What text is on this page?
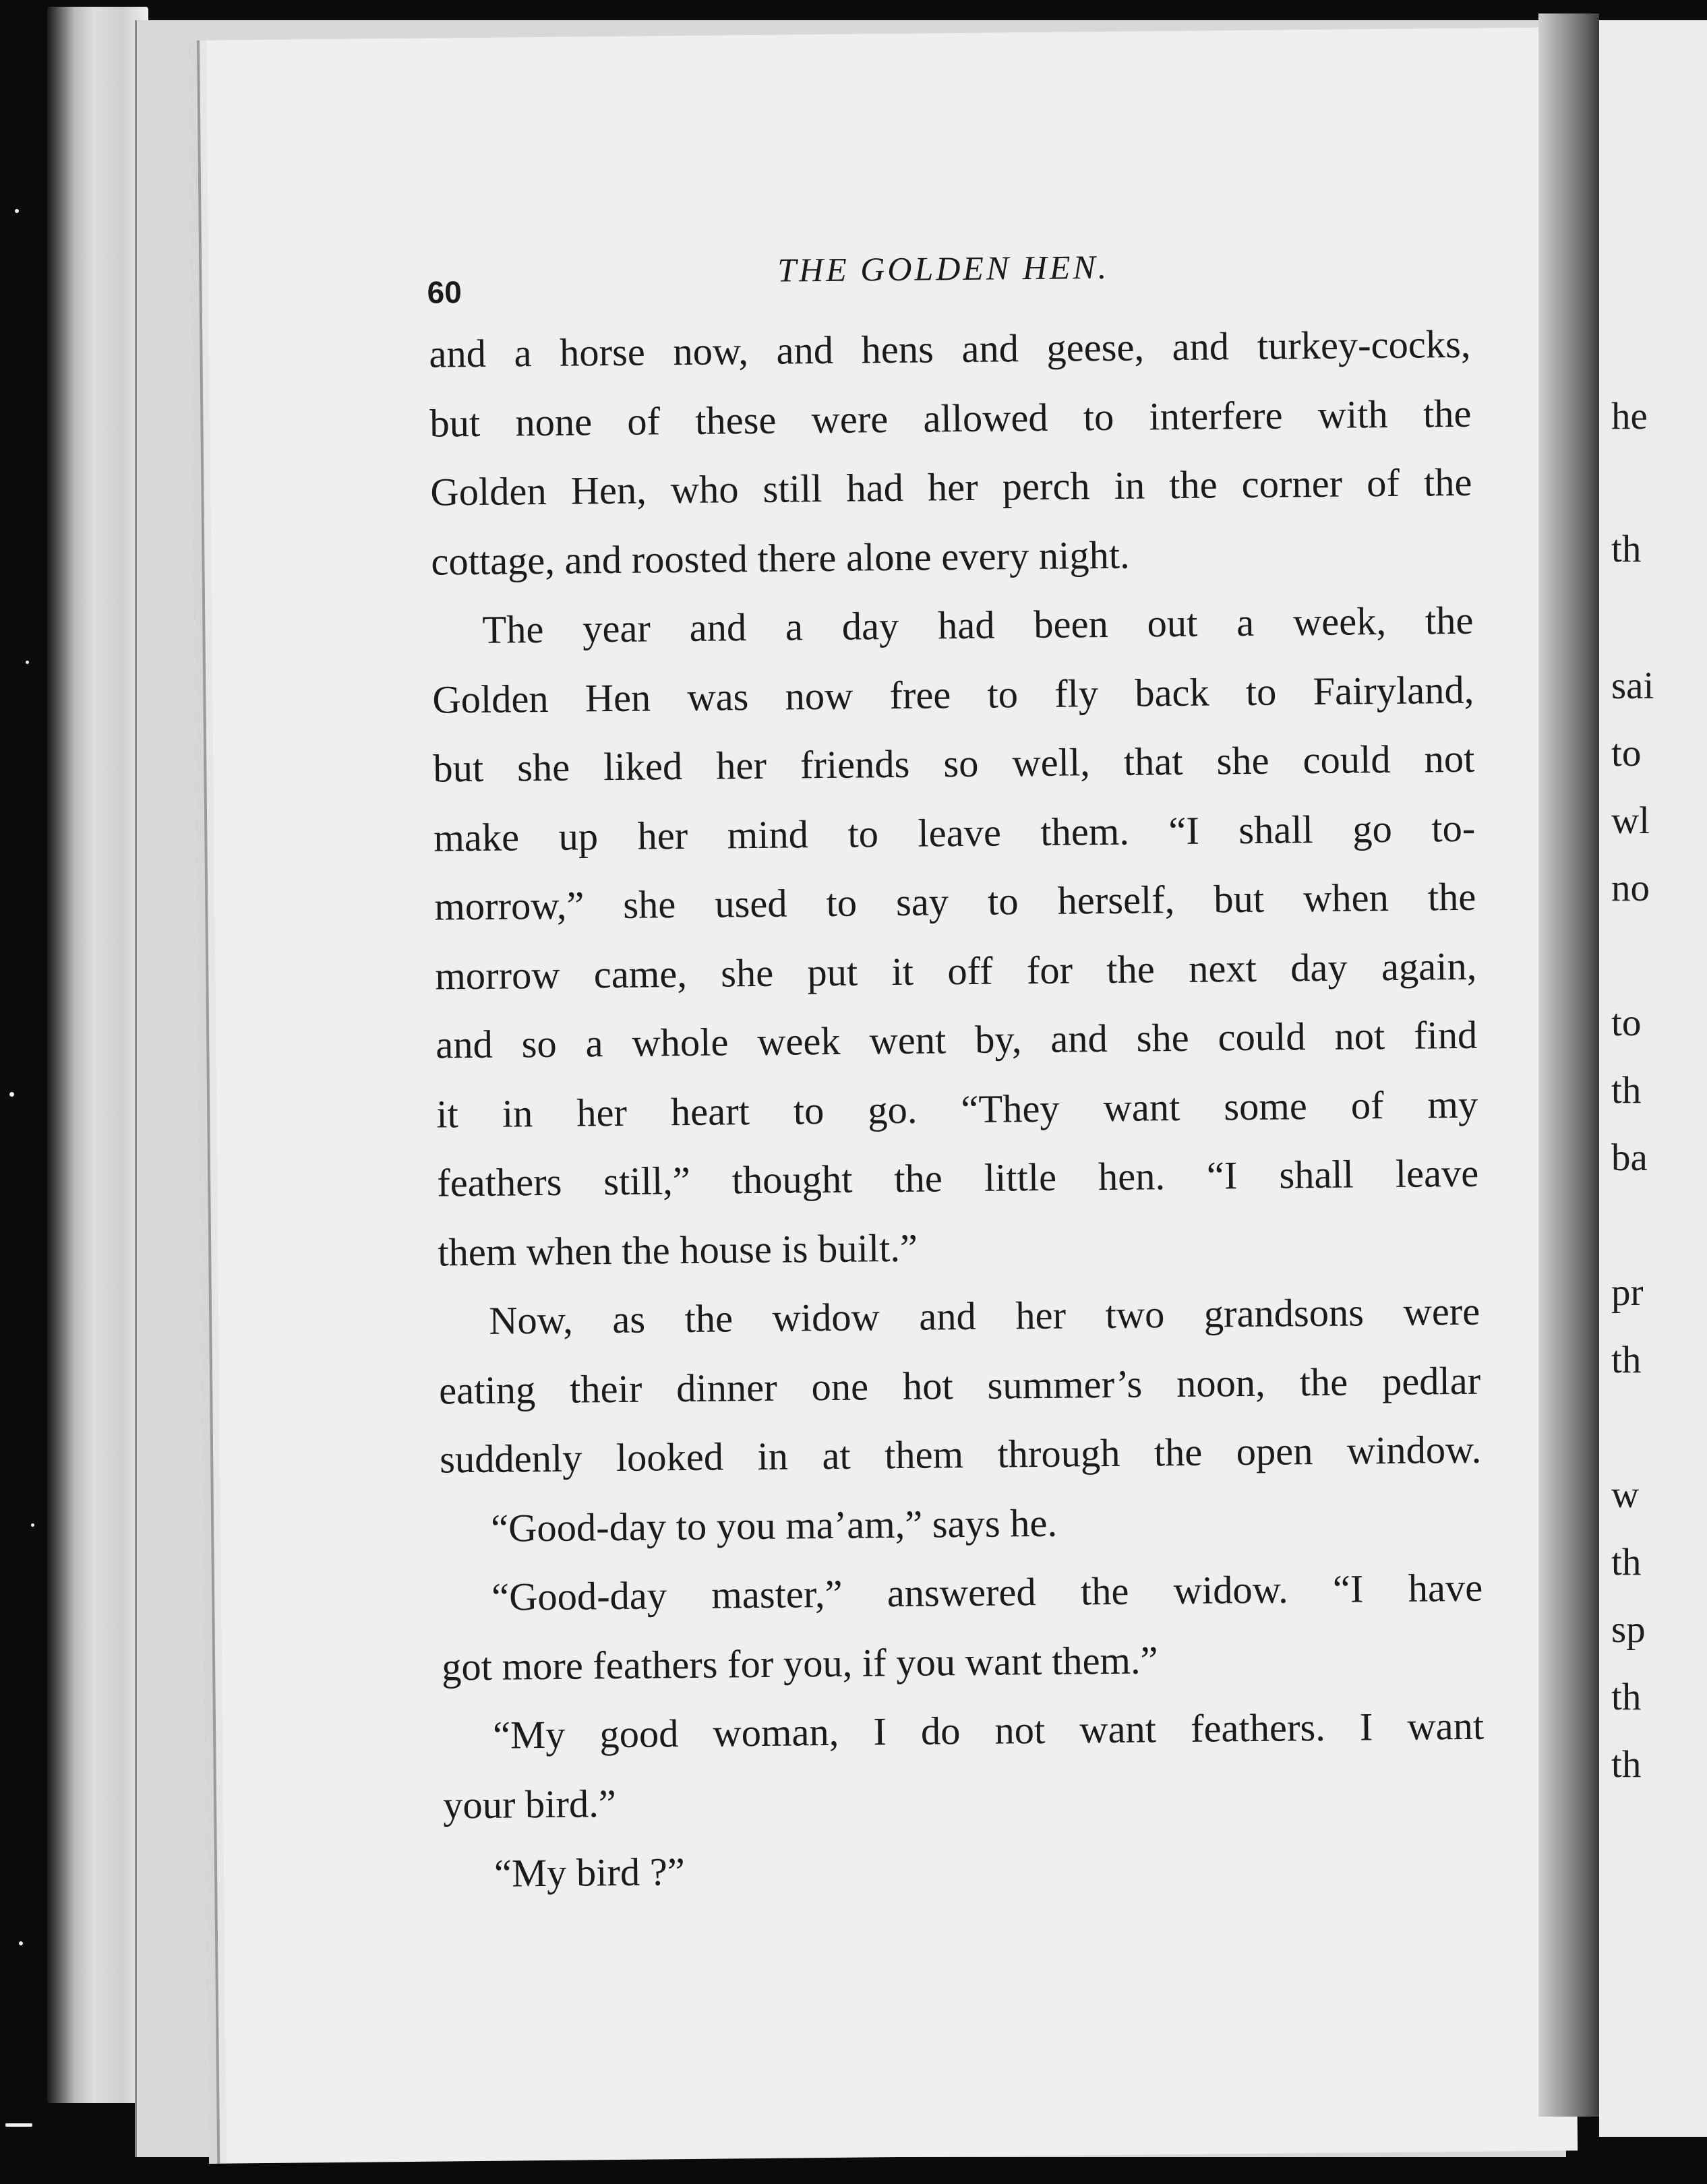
60
THE GOLDEN HEN.
and a horse now, and hens and geese, and turkey-cocks,
but none of these were allowed to interfere with the
Golden Hen, who still had her perch in the corner of the
cottage, and roosted there alone every night.
The year and a day had been out a week, the
Golden Hen was now free to fly back to Fairyland,
but she liked her friends so well, that she could not
make up her mind to leave them. “I shall go to-
morrow,” she used to say to herself, but when the
morrow came, she put it off for the next day again,
and so a whole week went by, and she could not find
it in her heart to go. “They want some of my
feathers still,” thought the little hen. “I shall leave
them when the house is built.”
Now, as the widow and her two grandsons were
eating their dinner one hot summer’s noon, the pedlar
suddenly looked in at them through the open window.
“Good-day to you ma’am,” says he.
“Good-day master,” answered the widow. “I have
got more feathers for you, if you want them.”
“My good woman, I do not want feathers. I want
your bird.”
“My bird ?”
he
th
sai
to
wl
no
to
th
ba
pr
th
w
th
sp
th
th
